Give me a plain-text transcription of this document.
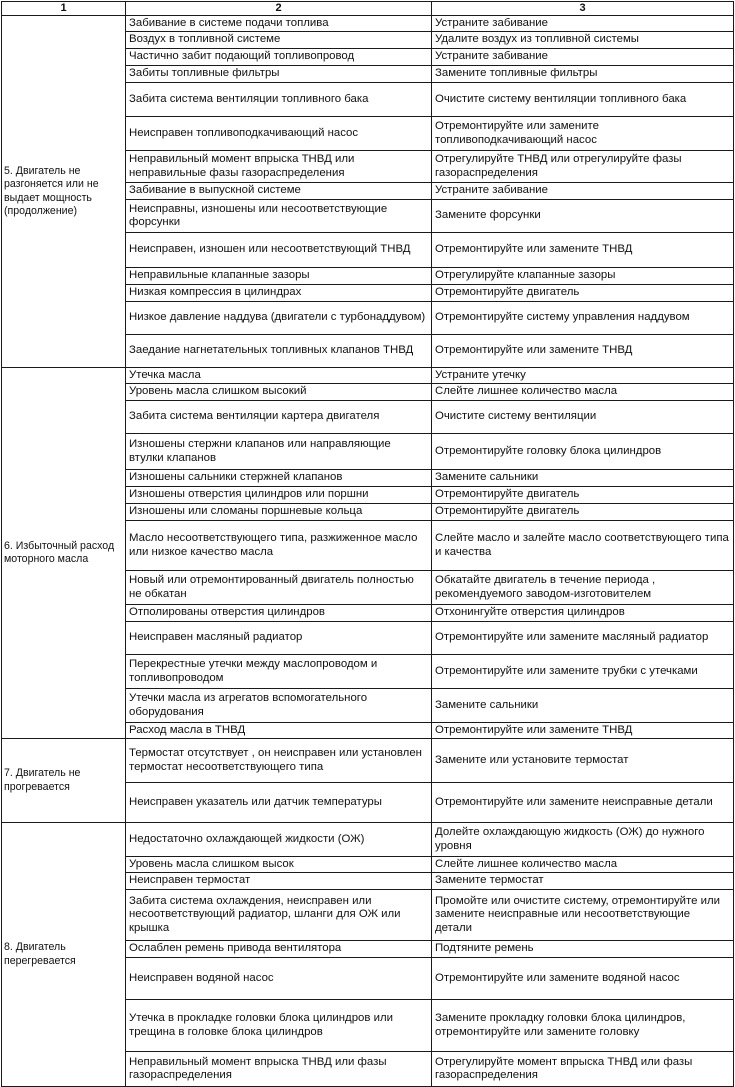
1	2	3
5. Двигатель не разгоняется или не выдает мощность (продолжение)	Забивание в системе подачи топлива	Устраните забивание
	Воздух в топливной системе	Удалите воздух из топливной системы
	Частично забит подающий топливопровод	Устраните забивание
	Забиты топливные фильтры	Замените топливные фильтры
	Забита система вентиляции топливного бака	Очистите систему вентиляции топливного бака
	Неисправен топливоподкачивающий насос	Отремонтируйте или замените топливоподкачивающий насос
	Неправильный момент впрыска ТНВД или неправильные фазы газораспределения	Отрегулируйте ТНВД или отрегулируйте фазы газораспределения
	Забивание в выпускной системе	Устраните забивание
	Неисправны, изношены или несоответствующие форсунки	Замените форсунки
	Неисправен, изношен или несоответствующий ТНВД	Отремонтируйте или замените ТНВД
	Неправильные клапанные зазоры	Отрегулируйте клапанные зазоры
	Низкая компрессия в цилиндрах	Отремонтируйте двигатель
	Низкое давление наддува (двигатели с турбонаддувом)	Отремонтируйте систему управления наддувом
	Заедание нагнетательных топливных клапанов ТНВД	Отремонтируйте или замените ТНВД
6. Избыточный расход моторного масла	Утечка масла	Устраните утечку
	Уровень масла слишком высокий	Слейте лишнее количество масла
	Забита система вентиляции картера двигателя	Очистите систему вентиляции
	Изношены стержни клапанов или направляющие втулки клапанов	Отремонтируйте головку блока цилиндров
	Изношены сальники стержней клапанов	Замените сальники
	Изношены отверстия цилиндров или поршни	Отремонтируйте двигатель
	Изношены или сломаны поршневые кольца	Отремонтируйте двигатель
	Масло несоответствующего типа, разжиженное масло или низкое качество масла	Слейте масло и залейте масло соответствующего типа и качества
	Новый или отремонтированный двигатель полностью не обкатан	Обкатайте двигатель в течение периода , рекомендуемого заводом-изготовителем
	Отполированы отверстия цилиндров	Отхонингуйте отверстия цилиндров
	Неисправен масляный радиатор	Отремонтируйте или замените масляный радиатор
	Перекрестные утечки между маслопроводом и топливопроводом	Отремонтируйте или замените трубки с утечками
	Утечки масла из агрегатов вспомогательного оборудования	Замените сальники
	Расход масла в ТНВД	Отремонтируйте или замените ТНВД
7. Двигатель не прогревается	Термостат отсутствует , он неисправен или установлен термостат несоответствующего типа	Замените или установите термостат
	Неисправен указатель или датчик температуры	Отремонтируйте или замените неисправные детали
8. Двигатель перегревается	Недостаточно охлаждающей жидкости (ОЖ)	Долейте охлаждающую жидкость (ОЖ) до нужного уровня
	Уровень масла слишком высок	Слейте лишнее количество масла
	Неисправен термостат	Замените термостат
	Забита система охлаждения, неисправен или несоответствующий радиатор, шланги для ОЖ или крышка	Промойте или очистите систему, отремонтируйте или замените неисправные или несоответствующие детали
	Ослаблен ремень привода вентилятора	Подтяните ремень
	Неисправен водяной насос	Отремонтируйте или замените водяной насос
	Утечка в прокладке головки блока цилиндров или трещина в головке блока цилиндров	Замените прокладку головки блока цилиндров, отремонтируйте или замените головку
	Неправильный момент впрыска ТНВД или фазы газораспределения	Отрегулируйте момент впрыска ТНВД или фазы газораспределения
